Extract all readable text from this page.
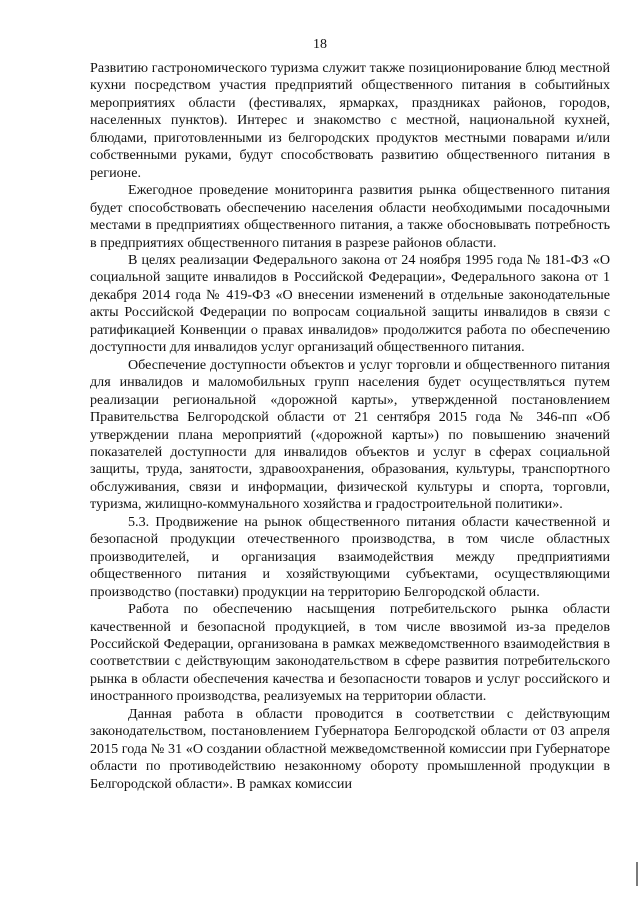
18

Развитию гастрономического туризма служит также позиционирование блюд местной кухни посредством участия предприятий общественного питания в событийных мероприятиях области (фестивалях, ярмарках, праздниках районов, городов, населенных пунктов). Интерес и знакомство с местной, национальной кухней, блюдами, приготовленными из белгородских продуктов местными поварами и/или собственными руками, будут способствовать развитию общественного питания в регионе.

Ежегодное проведение мониторинга развития рынка общественного питания будет способствовать обеспечению населения области необходимыми посадочными местами в предприятиях общественного питания, а также обосновывать потребность в предприятиях общественного питания в разрезе районов области.

В целях реализации Федерального закона от 24 ноября 1995 года № 181-ФЗ «О социальной защите инвалидов в Российской Федерации», Федерального закона от 1 декабря 2014 года № 419-ФЗ «О внесении изменений в отдельные законодательные акты Российской Федерации по вопросам социальной защиты инвалидов в связи с ратификацией Конвенции о правах инвалидов» продолжится работа по обеспечению доступности для инвалидов услуг организаций общественного питания.

Обеспечение доступности объектов и услуг торговли и общественного питания для инвалидов и маломобильных групп населения будет осуществляться путем реализации региональной «дорожной карты», утвержденной постановлением Правительства Белгородской области от 21 сентября 2015 года № 346-пп «Об утверждении плана мероприятий («дорожной карты») по повышению значений показателей доступности для инвалидов объектов и услуг в сферах социальной защиты, труда, занятости, здравоохранения, образования, культуры, транспортного обслуживания, связи и информации, физической культуры и спорта, торговли, туризма, жилищно-коммунального хозяйства и градостроительной политики».

5.3. Продвижение на рынок общественного питания области качественной и безопасной продукции отечественного производства, в том числе областных производителей, и организация взаимодействия между предприятиями общественного питания и хозяйствующими субъектами, осуществляющими производство (поставки) продукции на территорию Белгородской области.

Работа по обеспечению насыщения потребительского рынка области качественной и безопасной продукцией, в том числе ввозимой из-за пределов Российской Федерации, организована в рамках межведомственного взаимодействия в соответствии с действующим законодательством в сфере развития потребительского рынка в области обеспечения качества и безопасности товаров и услуг российского и иностранного производства, реализуемых на территории области.

Данная работа в области проводится в соответствии с действующим законодательством, постановлением Губернатора Белгородской области от 03 апреля 2015 года № 31 «О создании областной межведомственной комиссии при Губернаторе области по противодействию незаконному обороту промышленной продукции в Белгородской области». В рамках комиссии
